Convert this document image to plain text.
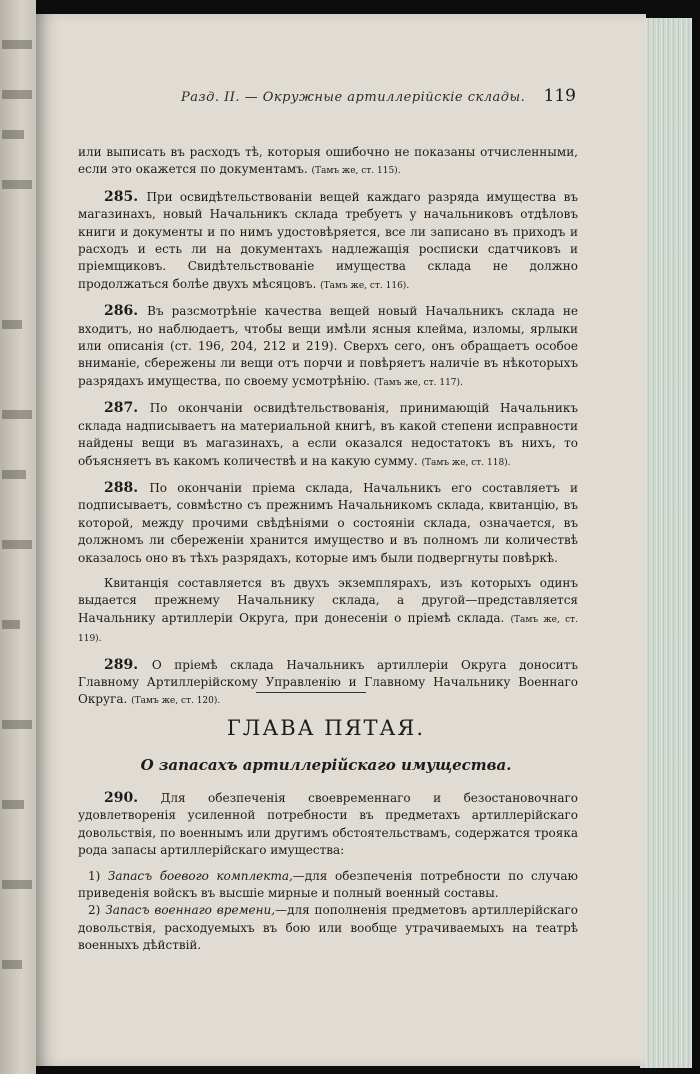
Разд. II. — Окружные артиллерійскіе склады. 119

или выписать въ расходъ тѣ, которыя ошибочно не показаны отчисленными, если это окажется по документамъ. (Тамъ же, ст. 115).

285. При освидѣтельствованіи вещей каждаго разряда имущества въ магазинахъ, новый Начальникъ склада требуетъ у начальниковъ отдѣловъ книги и документы и по нимъ удостовѣряется, все ли записано въ приходъ и расходъ и есть ли на документахъ надлежащія росписки сдатчиковъ и пріемщиковъ. Свидѣтельствованіе имущества склада не должно продолжаться болѣе двухъ мѣсяцовъ. (Тамъ же, ст. 116).

286. Въ разсмотрѣніе качества вещей новый Начальникъ склада не входитъ, но наблюдаетъ, чтобы вещи имѣли ясныя клейма, изломы, ярлыки или описанія (ст. 196, 204, 212 и 219). Сверхъ сего, онъ обращаетъ особое вниманіе, сбережены ли вещи отъ порчи и повѣряетъ наличіе въ нѣкоторыхъ разрядахъ имущества, по своему усмотрѣнію. (Тамъ же, ст. 117).

287. По окончаніи освидѣтельствованія, принимающій Начальникъ склада надписываетъ на материальной книгѣ, въ какой степени исправности найдены вещи въ магазинахъ, а если оказался недостатокъ въ нихъ, то объясняетъ въ какомъ количествѣ и на какую сумму. (Тамъ же, ст. 118).

288. По окончаніи пріема склада, Начальникъ его составляетъ и подписываетъ, совмѣстно съ прежнимъ Начальникомъ склада, квитанцію, въ которой, между прочими свѣдѣніями о состояніи склада, означается, въ должномъ ли сбереженіи хранится имущество и въ полномъ ли количествѣ оказалось оно въ тѣхъ разрядахъ, которые имъ были подвергнуты повѣркѣ.

Квитанція составляется въ двухъ экземплярахъ, изъ которыхъ одинъ выдается прежнему Начальнику склада, а другой—представляется Начальнику артиллеріи Округа, при донесеніи о пріемѣ склада. (Тамъ же, ст. 119).

289. О пріемѣ склада Начальникъ артиллеріи Округа доноситъ Главному Артиллерійскому Управленію и Главному Начальнику Военнаго Округа. (Тамъ же, ст. 120).

ГЛАВА ПЯТАЯ.
О запасахъ артиллерійскаго имущества.

290. Для обезпеченія своевременнаго и безостановочнаго удовлетворенія усиленной потребности въ предметахъ артиллерійскаго довольствія, по военнымъ или другимъ обстоятельствамъ, содержатся трояка рода запасы артиллерійскаго имущества:

1) Запасъ боевого комплекта,—для обезпеченія потребности по случаю приведенія войскъ въ высшіе мирные и полный военный составы.

2) Запасъ военнаго времени,—для пополненія предметовъ артиллерійскаго довольствія, расходуемыхъ въ бою или вообще утрачиваемыхъ на театрѣ военныхъ дѣйствій.
